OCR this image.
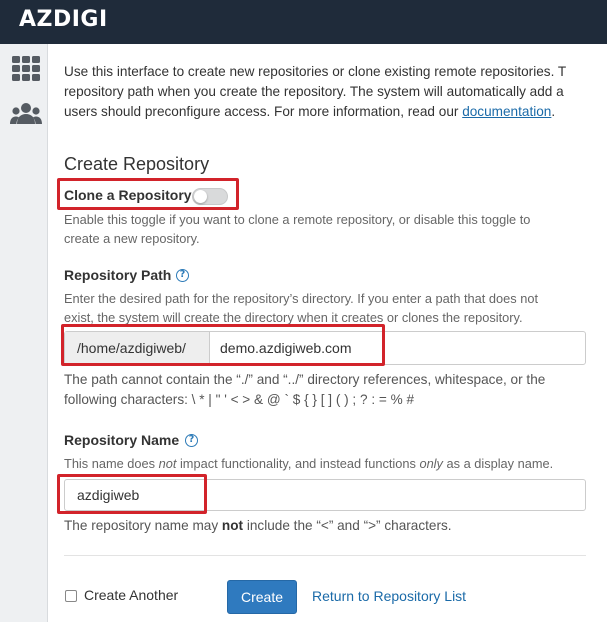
AZDIGI
Use this interface to create new repositories or clone existing remote repositories. T
repository path when you create the repository. The system will automatically add a
users should preconfigure access. For more information, read our documentation.
Create Repository
Clone a Repository
Enable this toggle if you want to clone a remote repository, or disable this toggle to
create a new repository.
Repository Path ?
Enter the desired path for the repository’s directory. If you enter a path that does not
exist, the system will create the directory when it creates or clones the repository.
/home/azdigiweb/
demo.azdigiweb.com
The path cannot contain the “./” and “../” directory references, whitespace, or the
following characters: \ * | " ' < > & @ ` $ { } [ ] ( ) ; ? : = % #
Repository Name	?
This name does not impact functionality, and instead functions only as a display name.
azdigiweb
The repository name may not include the “<” and “>” characters.
Create Another	Create	Return to Repository List
